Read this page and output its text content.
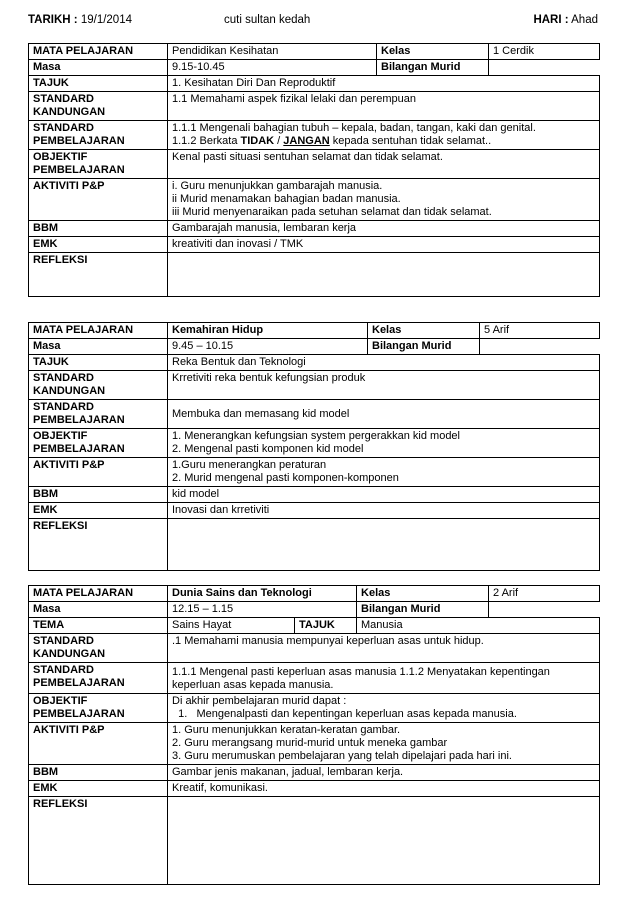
TARIKH : 19/1/2014	cuti sultan kedah	HARI : Ahad
MATA PELAJARAN	Pendidikan Kesihatan	Kelas	1 Cerdik
Masa	9.15-10.45	Bilangan Murid	
TAJUK	1. Kesihatan Diri Dan Reproduktif		

STANDARD
KANDUNGAN	1.1 Memahami aspek fizikal lelaki dan perempuan		

STANDARD
PEMBELAJARAN	1.1.1 Mengenali bahagian tubuh – kepala, badan, tangan, kaki dan genital.
1.1.2 Berkata TIDAK / JANGAN kepada sentuhan tidak selamat..		

OBJEKTIF
PEMBELAJARAN	Kenal pasti situasi sentuhan selamat dan tidak selamat.		
AKTIVITI P&P	i. Guru menunjukkan gambarajah manusia.
ii Murid menamakan bahagian badan manusia.
iii Murid menyenaraikan pada setuhan selamat dan tidak selamat.		

BBM	Gambarajah manusia, lembaran kerja		
EMK	kreativiti dan inovasi / TMK		
REFLEKSI			
MATA PELAJARAN	Kemahiran Hidup	Kelas	5 Arif
Masa	9.45 – 10.15	Bilangan Murid	
TAJUK	Reka Bentuk dan Teknologi		

STANDARD
KANDUNGAN	Krretiviti reka bentuk kefungsian produk		

STANDARD
PEMBELAJARAN	Membuka dan memasang kid model		

OBJEKTIF
PEMBELAJARAN	1. Menerangkan kefungsian system pergerakkan kid model
2. Mengenal pasti komponen kid model		

AKTIVITI P&P	1.Guru menerangkan peraturan
2. Murid mengenal pasti komponen-komponen		

BBM	kid model		
EMK	Inovasi dan krretiviti		
REFLEKSI			
MATA PELAJARAN	Dunia Sains dan Teknologi		Kelas	2 Arif
Masa	12.15 – 1.15		Bilangan Murid	
TEMA	Sains Hayat	TAJUK	Manusia	

STANDARD
KANDUNGAN	.1 Memahami manusia mempunyai keperluan asas untuk hidup.			

STANDARD
PEMBELAJARAN	1.1.1 Mengenal pasti keperluan asas manusia 1.1.2 Menyatakan kepentingan
keperluan asas kepada manusia.			

OBJEKTIF
PEMBELAJARAN	Di akhir pembelajaran murid dapat :
1.   Mengenalpasti dan kepentingan keperluan asas kepada manusia.			

AKTIVITI P&P	1. Guru menunjukkan keratan-keratan gambar.
2. Guru merangsang murid-murid untuk meneka gambar
3. Guru merumuskan pembelajaran yang telah dipelajari pada hari ini.			

BBM	Gambar jenis makanan, jadual, lembaran kerja.			
EMK	Kreatif, komunikasi.			
REFLEKSI				
